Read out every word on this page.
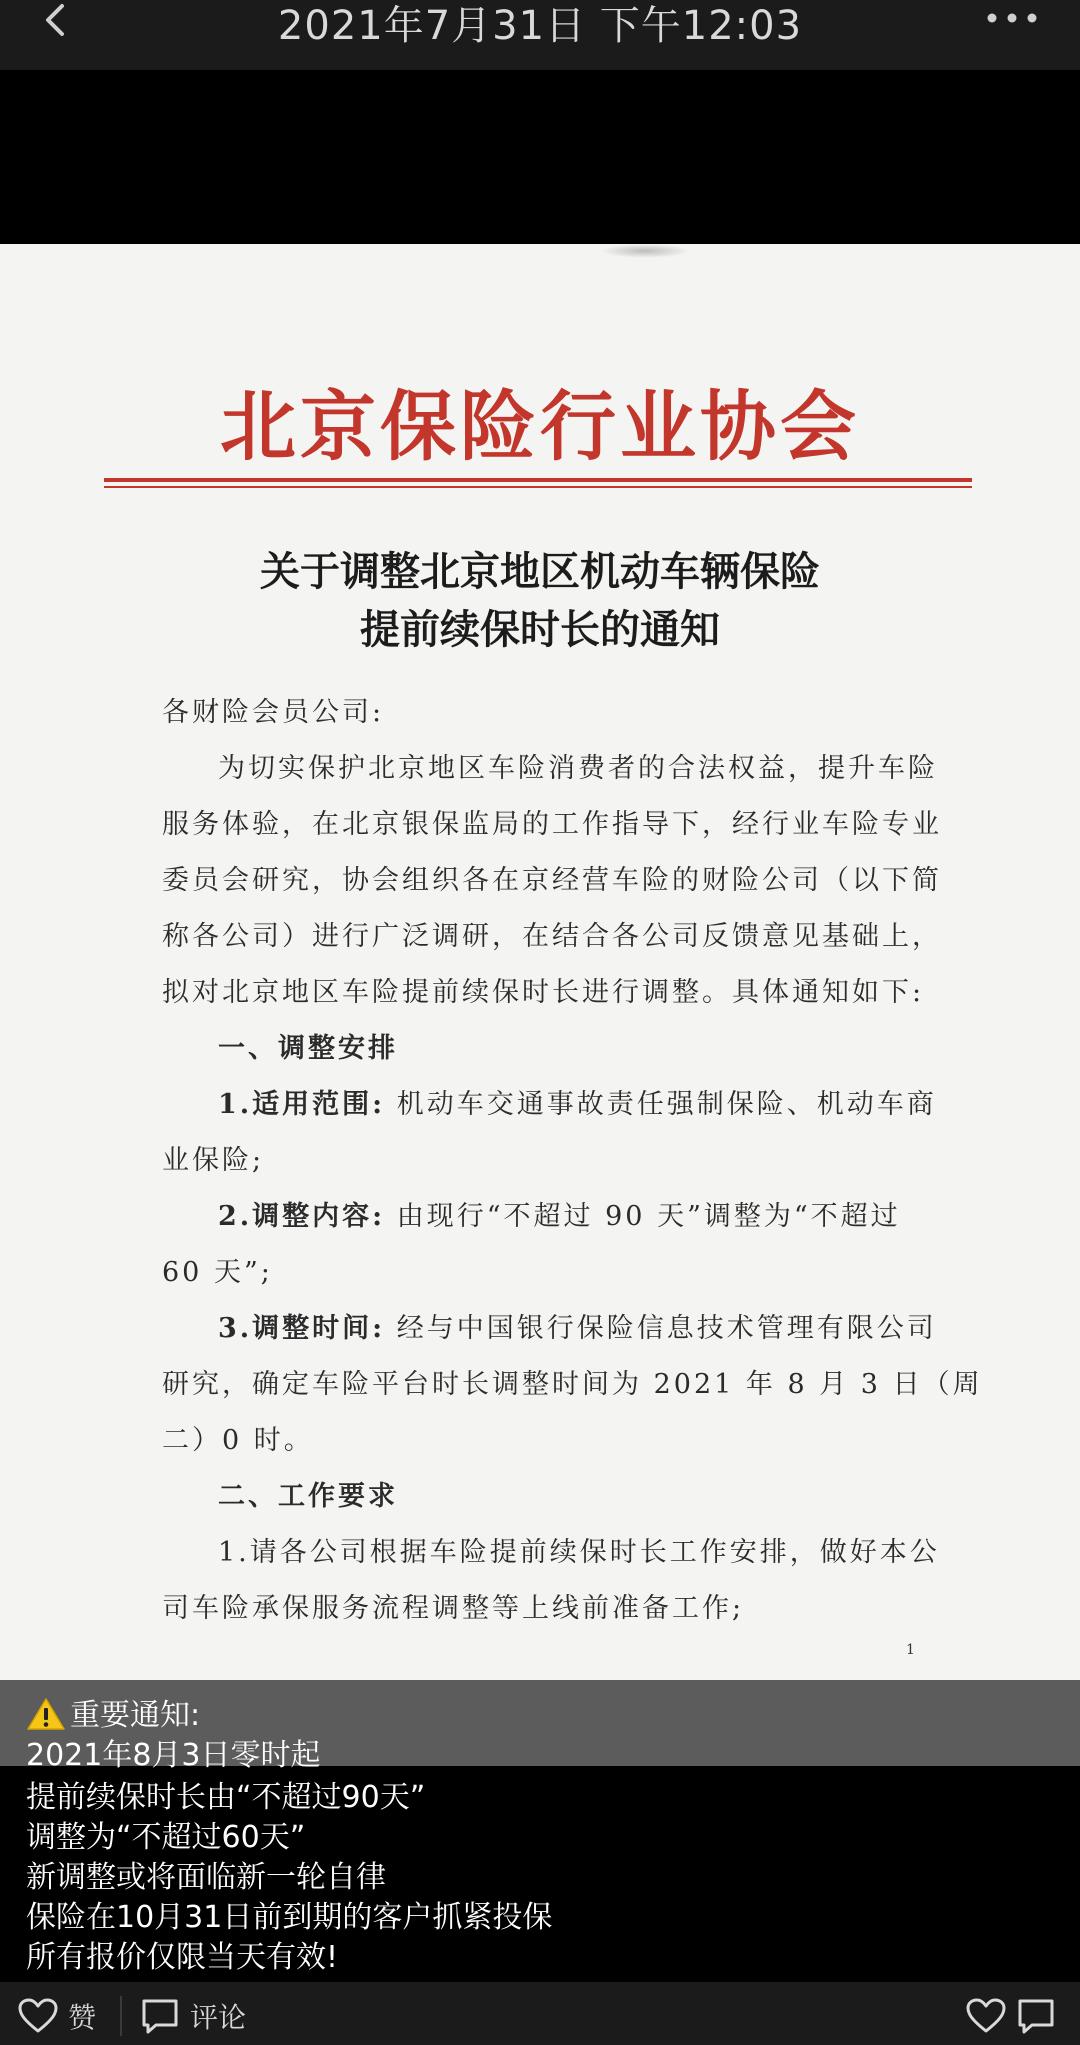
2021年7月31日 下午12:03
北京保险行业协会
关于调整北京地区机动车辆保险
提前续保时长的通知
各财险会员公司:
为切实保护北京地区车险消费者的合法权益，提升车险
服务体验，在北京银保监局的工作指导下，经行业车险专业
委员会研究，协会组织各在京经营车险的财险公司（以下简
称各公司）进行广泛调研，在结合各公司反馈意见基础上，
拟对北京地区车险提前续保时长进行调整。具体通知如下:
一、调整安排
1.适用范围: 机动车交通事故责任强制保险、机动车商
业保险;
2.调整内容: 由现行“不超过 90 天”调整为“不超过
60 天”;
3.调整时间: 经与中国银行保险信息技术管理有限公司
研究，确定车险平台时长调整时间为 2021 年 8 月 3 日（周
二）0 时。
二、工作要求
1.请各公司根据车险提前续保时长工作安排，做好本公
司车险承保服务流程调整等上线前准备工作;
1
重要通知:
2021年8月3日零时起
提前续保时长由“不超过90天”
调整为“不超过60天”
新调整或将面临新一轮自律
保险在10月31日前到期的客户抓紧投保
所有报价仅限当天有效!
赞	评论
